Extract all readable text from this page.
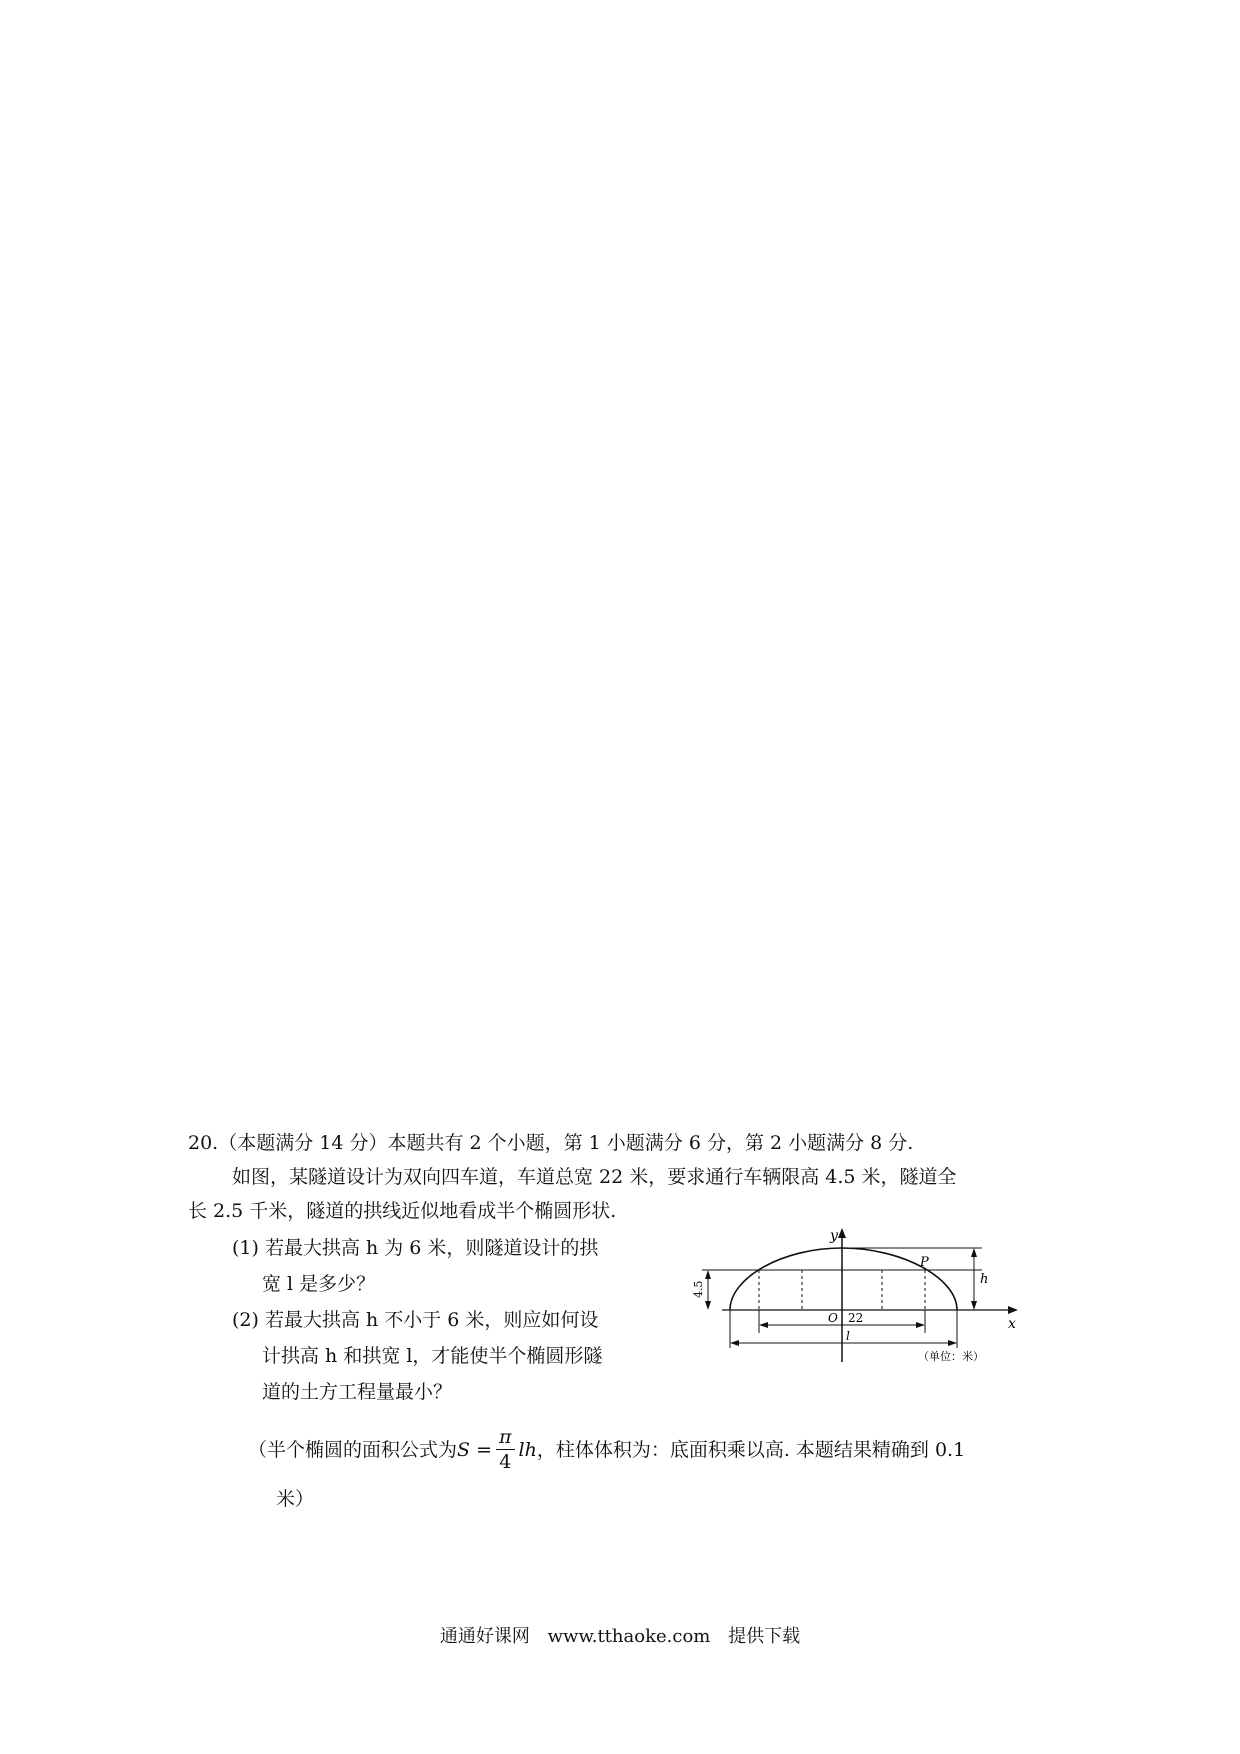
20.（本题满分 14 分）本题共有 2 个小题，第 1 小题满分 6 分，第 2 小题满分 8 分.
如图，某隧道设计为双向四车道，车道总宽 22 米，要求通行车辆限高 4.5 米，隧道全
长 2.5 千米，隧道的拱线近似地看成半个椭圆形状.
(1) 若最大拱高 h 为 6 米，则隧道设计的拱
宽 l 是多少？
(2) 若最大拱高 h 不小于 6 米，则应如何设
计拱高 h 和拱宽 l，才能使半个椭圆形隧
道的土方工程量最小？
（半个椭圆的面积公式为 $S = \frac{\pi}{4}$ lh ，柱体体积为：底面积乘以高. 本题结果精确到 0.1
米）
y
x
P
h
4.5
O 22
l
（单位：米）
通通好课网 www.tthaoke.com 提供下载
